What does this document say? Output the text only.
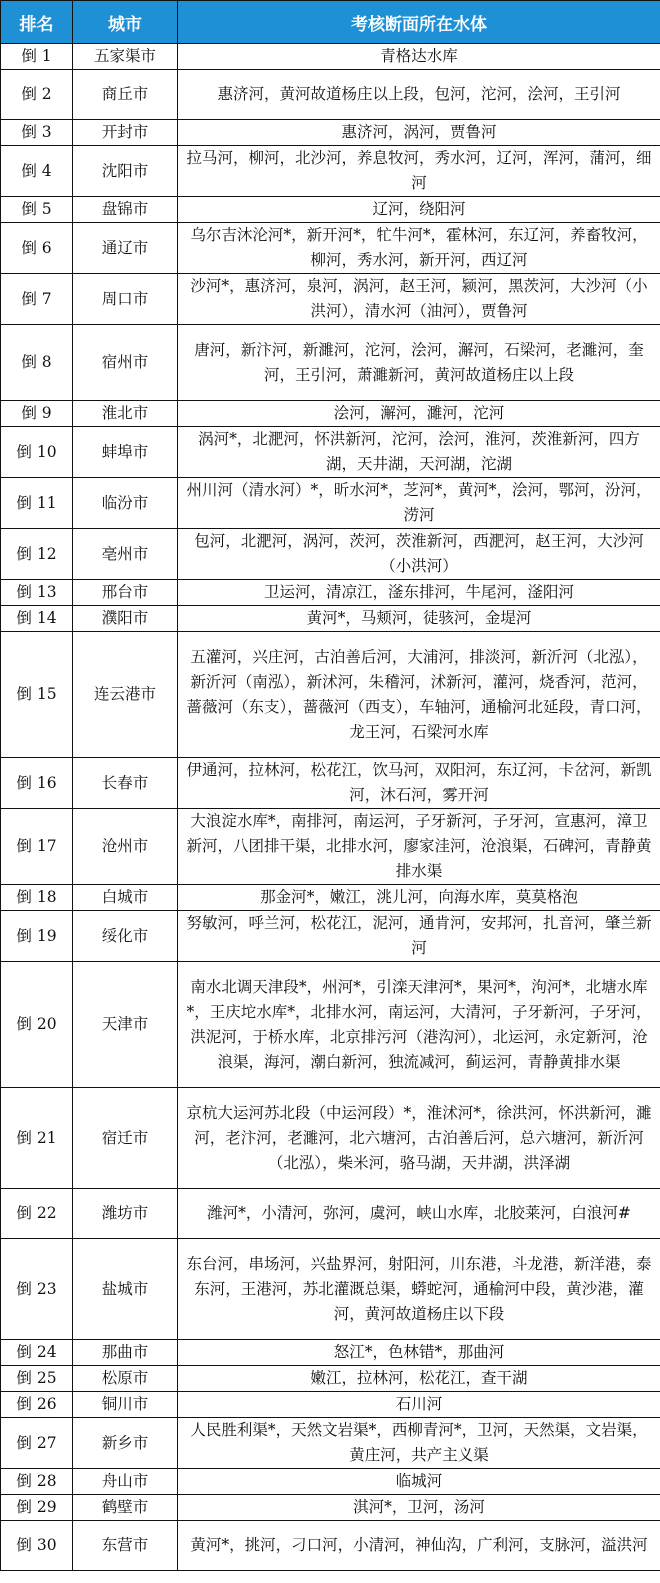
排名	城市	考核断面所在水体
倒 1	五家渠市	青格达水库
倒 2	商丘市	惠济河，黄河故道杨庄以上段，包河，沱河，浍河，王引河
倒 3	开封市	惠济河，涡河，贾鲁河
倒 4	沈阳市	拉马河，柳河，北沙河，养息牧河，秀水河，辽河，浑河，蒲河，细河
倒 5	盘锦市	辽河，绕阳河
倒 6	通辽市	乌尔吉沐沦河*，新开河*，牤牛河*，霍林河，东辽河，养畜牧河，柳河，秀水河，新开河，西辽河
倒 7	周口市	沙河*，惠济河，泉河，涡河，赵王河，颍河，黑茨河，大沙河（小洪河），清水河（油河），贾鲁河
倒 8	宿州市	唐河，新汴河，新濉河，沱河，浍河，澥河，石梁河，老濉河，奎河，王引河，萧濉新河，黄河故道杨庄以上段
倒 9	淮北市	浍河，澥河，濉河，沱河
倒 10	蚌埠市	涡河*，北淝河，怀洪新河，沱河，浍河，淮河，茨淮新河，四方湖，天井湖，天河湖，沱湖
倒 11	临汾市	州川河（清水河）*，昕水河*，芝河*，黄河*，浍河，鄂河，汾河，涝河
倒 12	亳州市	包河，北淝河，涡河，茨河，茨淮新河，西淝河，赵王河，大沙河（小洪河）
倒 13	邢台市	卫运河，清凉江，滏东排河，牛尾河，滏阳河
倒 14	濮阳市	黄河*，马颊河，徒骇河，金堤河
倒 15	连云港市	五灌河，兴庄河，古泊善后河，大浦河，排淡河，新沂河（北泓），新沂河（南泓），新沭河，朱稽河，沭新河，灌河，烧香河，范河，蔷薇河（东支），蔷薇河（西支），车轴河，通榆河北延段，青口河，龙王河，石梁河水库
倒 16	长春市	伊通河，拉林河，松花江，饮马河，双阳河，东辽河，卡岔河，新凯河，沐石河，雾开河
倒 17	沧州市	大浪淀水库*，南排河，南运河，子牙新河，子牙河，宣惠河，漳卫新河，八团排干渠，北排水河，廖家洼河，沧浪渠，石碑河，青静黄排水渠
倒 18	白城市	那金河*，嫩江，洮儿河，向海水库，莫莫格泡
倒 19	绥化市	努敏河，呼兰河，松花江，泥河，通肯河，安邦河，扎音河，肇兰新河
倒 20	天津市	南水北调天津段*，州河*，引滦天津河*，果河*，泃河*，北塘水库*，王庆坨水库*，北排水河，南运河，大清河，子牙新河，子牙河，洪泥河，于桥水库，北京排污河（港沟河），北运河，永定新河，沧浪渠，海河，潮白新河，独流减河，蓟运河，青静黄排水渠
倒 21	宿迁市	京杭大运河苏北段（中运河段）*，淮沭河*，徐洪河，怀洪新河，濉河，老汴河，老濉河，北六塘河，古泊善后河，总六塘河，新沂河（北泓），柴米河，骆马湖，天井湖，洪泽湖
倒 22	潍坊市	潍河*，小清河，弥河，虞河，峡山水库，北胶莱河，白浪河#
倒 23	盐城市	东台河，串场河，兴盐界河，射阳河，川东港，斗龙港，新洋港，泰东河，王港河，苏北灌溉总渠，蟒蛇河，通榆河中段，黄沙港，灌河，黄河故道杨庄以下段
倒 24	那曲市	怒江*，色林错*，那曲河
倒 25	松原市	嫩江，拉林河，松花江，查干湖
倒 26	铜川市	石川河
倒 27	新乡市	人民胜利渠*，天然文岩渠*，西柳青河*，卫河，天然渠，文岩渠，黄庄河，共产主义渠
倒 28	舟山市	临城河
倒 29	鹤壁市	淇河*，卫河，汤河
倒 30	东营市	黄河*，挑河，刁口河，小清河，神仙沟，广利河，支脉河，溢洪河
